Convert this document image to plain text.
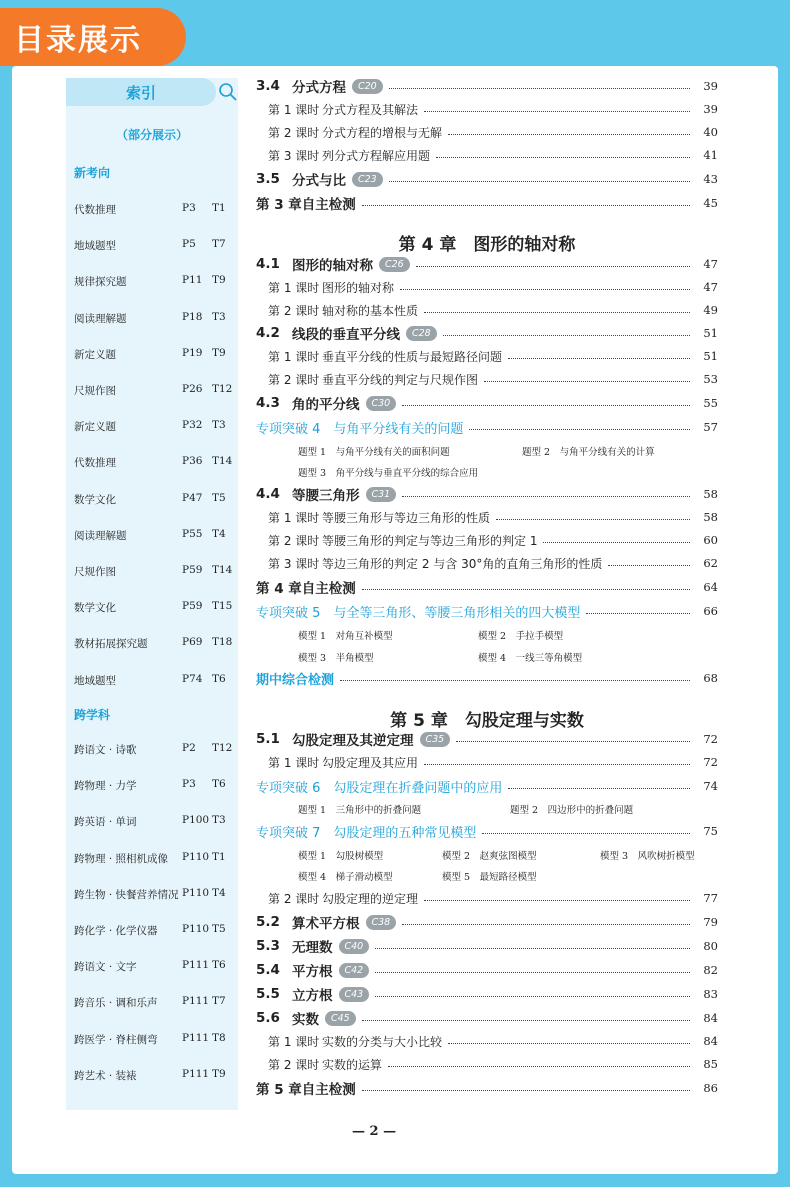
目录展示
索引
（部分展示）
新考向
代数推理	P3 T1
地域题型	P5 T7
规律探究题	P11 T9
阅读理解题	P18 T3
新定义题	P19 T9
尺规作图	P26 T12
新定义题	P32 T3
代数推理	P36 T14
数学文化	P47 T5
阅读理解题	P55 T4
尺规作图	P59 T14
数学文化	P59 T15
教材拓展探究题	P69 T18
地域题型	P74 T6
跨学科
跨语文 · 诗歌	P2 T12
跨物理 · 力学	P3 T6
跨英语 · 单词	P100 T3
跨物理 · 照相机成像 P110 T1
跨生物 · 快餐营养情况 P110 T4
跨化学 · 化学仪器 P110 T5
跨语文 · 文字	P111 T6
跨音乐 · 调和乐声 P111 T7
跨医学 · 脊柱侧弯 P111 T8
跨艺术 · 装裱	P111 T9
3.4 分式方程	C20	39
第 1 课时 分式方程及其解法	39
第 2 课时 分式方程的增根与无解	40
第 3 课时 列分式方程解应用题	41
3.5 分式与比	C23	43
第 3 章自主检测	45
第 4 章　图形的轴对称
4.1 图形的轴对称	C26	47
第 1 课时 图形的轴对称	47
第 2 课时 轴对称的基本性质	49
4.2 线段的垂直平分线	C28	51
第 1 课时 垂直平分线的性质与最短路径问题	51
第 2 课时 垂直平分线的判定与尺规作图	53
4.3 角的平分线	C30	55
专项突破 4　与角平分线有关的问题	57
题型 1　与角平分线有关的面积问题	题型 2　与角平分线有关的计算
题型 3　角平分线与垂直平分线的综合应用
4.4 等腰三角形	C31	58
第 1 课时 等腰三角形与等边三角形的性质	58
第 2 课时 等腰三角形的判定与等边三角形的判定 1	60
第 3 课时 等边三角形的判定 2 与含 30°角的直角三角形的性质	62
第 4 章自主检测	64
专项突破 5　与全等三角形、等腰三角形相关的四大模型	66
模型 1　对角互补模型	模型 2　手拉手模型
模型 3　半角模型	模型 4　一线三等角模型
期中综合检测	68
第 5 章　勾股定理与实数
5.1 勾股定理及其逆定理	C35	72
第 1 课时 勾股定理及其应用	72
专项突破 6　勾股定理在折叠问题中的应用	74
题型 1　三角形中的折叠问题	题型 2　四边形中的折叠问题
专项突破 7　勾股定理的五种常见模型	75
模型 1　勾股树模型	模型 2　赵爽弦图模型	模型 3　风吹树折模型
模型 4　梯子滑动模型	模型 5　最短路径模型
第 2 课时 勾股定理的逆定理	77
5.2 算术平方根	C38	79
5.3 无理数	C40	80
5.4 平方根	C42	82
5.5 立方根	C43	83
5.6 实数	C45	84
第 1 课时 实数的分类与大小比较	84
第 2 课时 实数的运算	85
第 5 章自主检测	86
— 2 —
